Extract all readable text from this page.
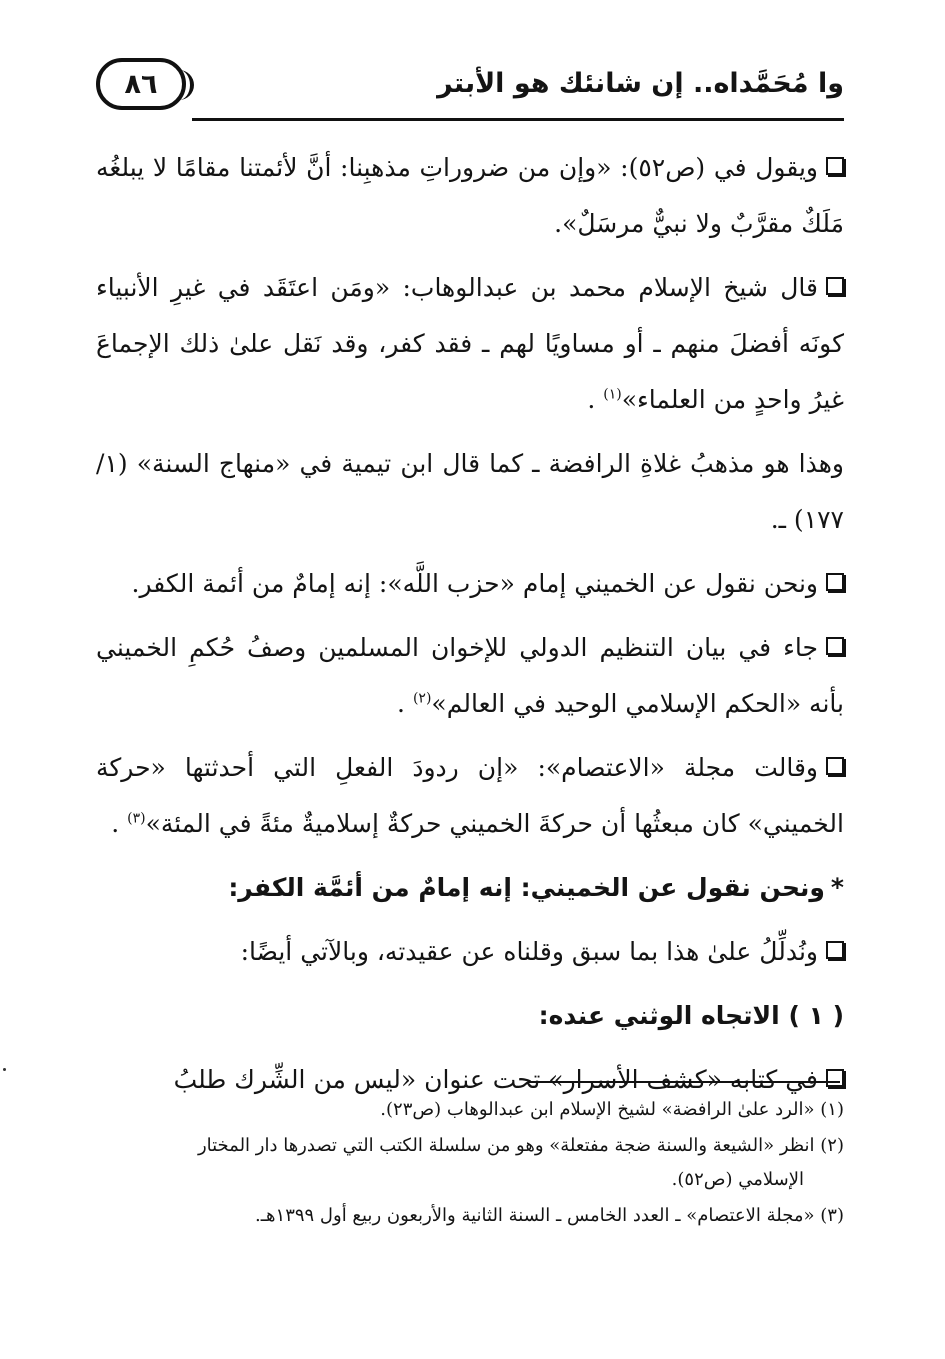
٨٦	وا مُحَمَّداه.. إن شانئك هو الأبتر

ويقول في (ص٥٢): «وإن من ضروراتِ مذهبِنا: أنَّ لأئمتنا مقامًا لا يبلغُه مَلَكٌ مقرَّبٌ ولا نبيٌّ مرسَلٌ».

قال شيخ الإسلام محمد بن عبدالوهاب: «ومَن اعتَقَد في غيرِ الأنبياء كونَه أفضلَ منهم ـ أو مساويًا لهم ـ فقد كفر، وقد نَقل علىٰ ذلك الإجماعَ غيرُ واحدٍ من العلماء»$^{(١)}$ .

وهذا هو مذهبُ غلاةِ الرافضة ـ كما قال ابن تيمية في «منهاج السنة» (١/ ١٧٧) ـ.

ونحن نقول عن الخميني إمام «حزب اللَّه»: إنه إمامٌ من أئمة الكفر.

جاء في بيان التنظيم الدولي للإخوان المسلمين وصفُ حُكمِ الخميني بأنه «الحكم الإسلامي الوحيد في العالم»$^{(٢)}$ .

وقالت مجلة «الاعتصام»: «إن ردودَ الفعلِ التي أحدثتها «حركة الخميني» كان مبعثُها أن حركةَ الخميني حركةٌ إسلاميةٌ مئةً في المئة»$^{(٣)}$ .

*ونحن نقول عن الخميني: إنه إمامٌ من أئمَّة الكفر:

ونُدلِّلُ علىٰ هذا بما سبق وقلناه عن عقيدته، وبالآتي أيضًا:

( ١ ) الاتجاه الوثني عنده:

في كتابه «كشف الأسرار» تحت عنوان «ليس من الشِّرك طلبُ

(١) «الرد علىٰ الرافضة» لشيخ الإسلام ابن عبدالوهاب (ص٢٣).
(٢) انظر «الشيعة والسنة ضجة مفتعلة» وهو من سلسلة الكتب التي تصدرها دار المختار
الإسلامي (ص٥٢).
(٣) «مجلة الاعتصام» ـ العدد الخامس ـ السنة الثانية والأربعون ربيع أول ١٣٩٩هـ.
